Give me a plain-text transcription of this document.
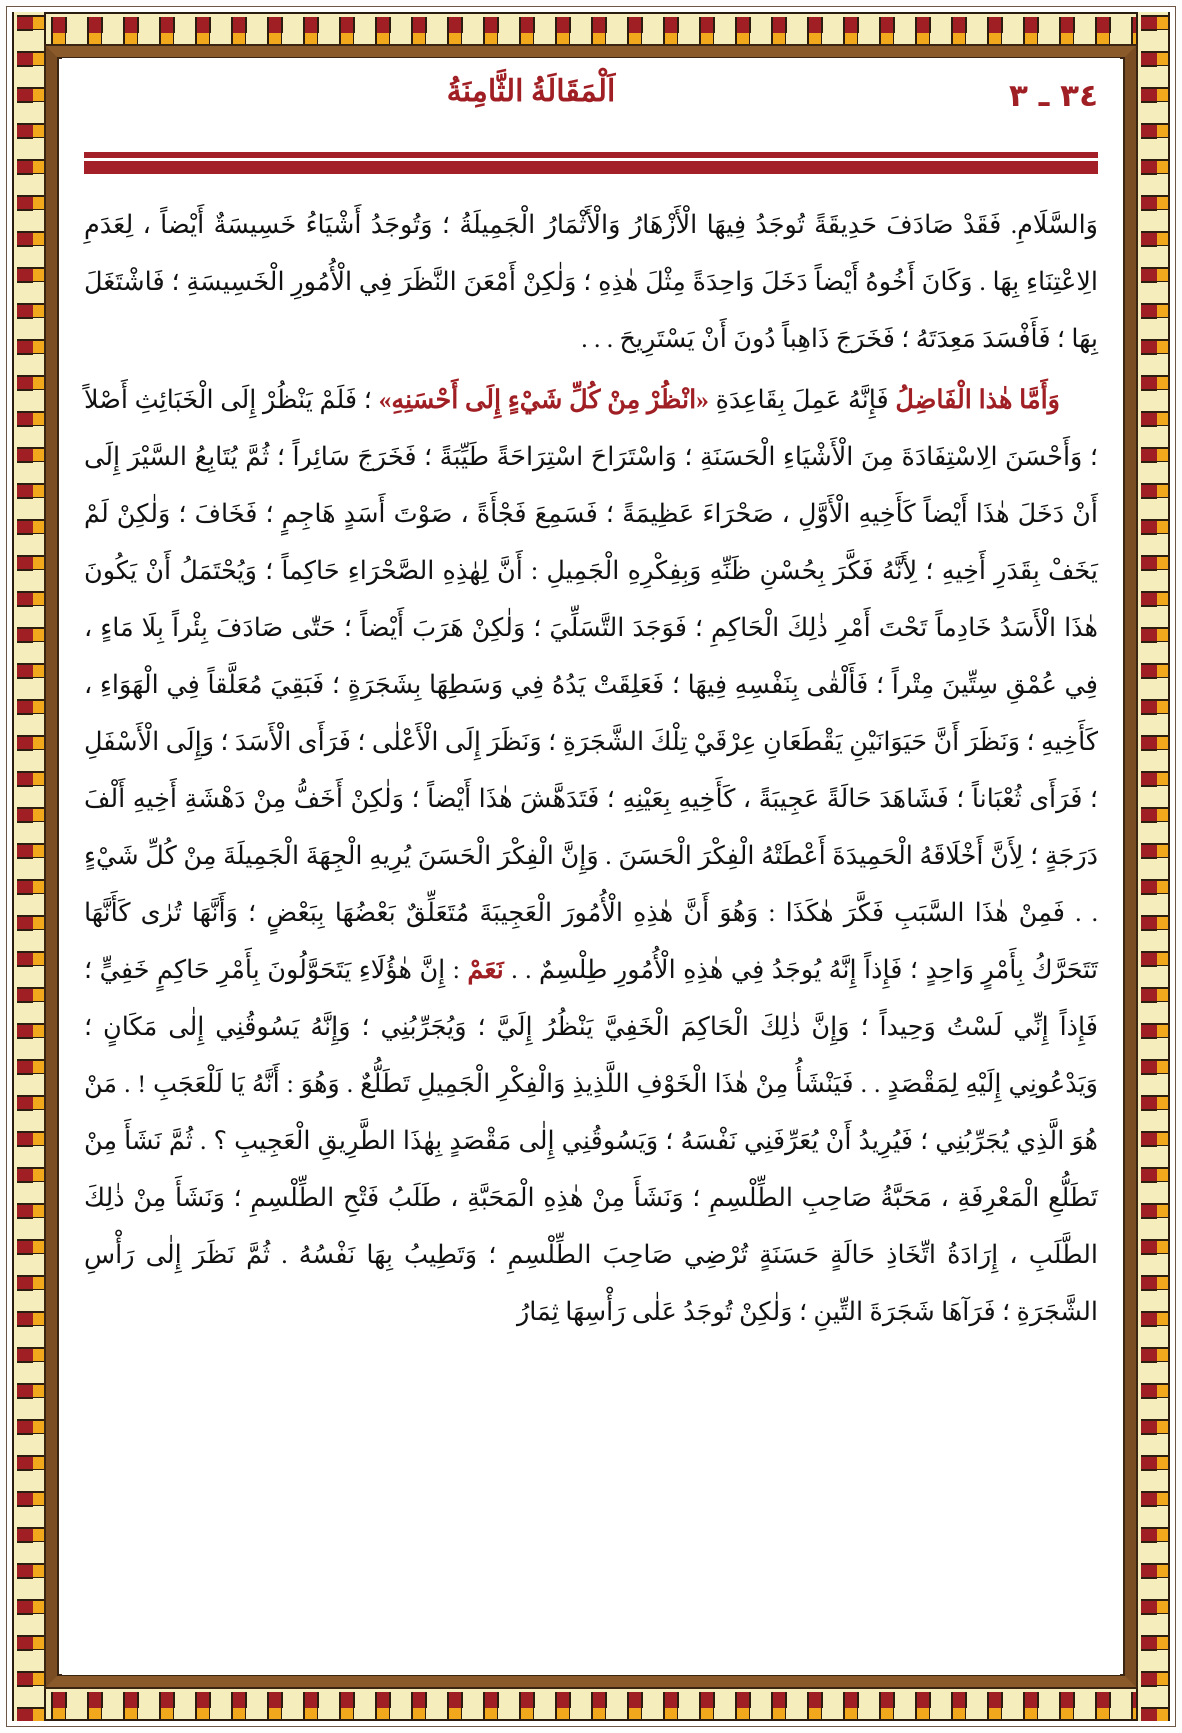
٣٤ ـ ٣
اَلْمَقَالَةُ الثَّامِنَةُ
وَالسَّلَامِ. فَقَدْ صَادَفَ حَدِيقَةً تُوجَدُ فِيهَا الْأَزْهَارُ وَالْأَثْمَارُ الْجَمِيلَةُ ؛ وَتُوجَدُ أَشْيَاءُ خَسِيسَةٌ أَيْضاً ، لِعَدَمِ الِاعْتِنَاءِ بِهَا . وَكَانَ أَخُوهُ أَيْضاً دَخَلَ وَاحِدَةً مِثْلَ هٰذِهِ ؛ وَلٰكِنْ أَمْعَنَ النَّظَرَ فِي الْأُمُورِ الْخَسِيسَةِ ؛ فَاشْتَغَلَ بِهَا ؛ فَأَفْسَدَ مَعِدَتَهُ ؛ فَخَرَجَ ذَاهِباً دُونَ أَنْ يَسْتَرِيحَ . . .
وَأَمَّا هٰذا الْفَاضِلُ فَإِنَّهُ عَمِلَ بِقَاعِدَةِ «انْظُرْ مِنْ كُلِّ شَيْءٍ إِلَى أَحْسَنِهِ» ؛ فَلَمْ يَنْظُرْ إِلَى الْخَبَائِثِ أَصْلاً ؛ وَأَحْسَنَ الِاسْتِفَادَةَ مِنَ الْأَشْيَاءِ الْحَسَنَةِ ؛ وَاسْتَرَاحَ اسْتِرَاحَةً طَيِّبَةً ؛ فَخَرَجَ سَائِراً ؛ ثُمَّ يُتَابِعُ السَّيْرَ إِلَى أَنْ دَخَلَ هٰذَا أَيْضاً كَأَخِيهِ الْأَوَّلِ ، صَحْرَاءَ عَظِيمَةً ؛ فَسَمِعَ فَجْأَةً ، صَوْتَ أَسَدٍ هَاجِمٍ ؛ فَخَافَ ؛ وَلٰكِنْ لَمْ يَخَفْ بِقَدَرِ أَخِيهِ ؛ لِأَنَّهُ فَكَّرَ بِحُسْنِ ظَنِّهِ وَبِفِكْرِهِ الْجَمِيلِ : أَنَّ لِهٰذِهِ الصَّحْرَاءِ حَاكِماً ؛ وَيُحْتَمَلُ أَنْ يَكُونَ هٰذَا الْأَسَدُ خَادِماً تَحْتَ أَمْرِ ذٰلِكَ الْحَاكِمِ ؛ فَوَجَدَ التَّسَلِّيَ ؛ وَلٰكِنْ هَرَبَ أَيْضاً ؛ حَتّٰى صَادَفَ بِئْراً بِلَا مَاءٍ ، فِي عُمْقِ سِتِّينَ مِتْراً ؛ فَأَلْقٰى بِنَفْسِهِ فِيهَا ؛ فَعَلِقَتْ يَدُهُ فِي وَسَطِهَا بِشَجَرَةٍ ؛ فَبَقِيَ مُعَلَّقاً فِي الْهَوَاءِ ، كَأَخِيهِ ؛ وَنَظَرَ أَنَّ حَيَوَانَيْنِ يَقْطَعَانِ عِرْقَيْ تِلْكَ الشَّجَرَةِ ؛ وَنَظَرَ إِلَى الْأَعْلٰى ؛ فَرَأَى الْأَسَدَ ؛ وَإِلَى الْأَسْفَلِ ؛ فَرَأَى ثُعْبَاناً ؛ فَشَاهَدَ حَالَةً عَجِيبَةً ، كَأَخِيهِ بِعَيْنِهِ ؛ فَتَدَهَّشَ هٰذَا أَيْضاً ؛ وَلٰكِنْ أَخَفُّ مِنْ دَهْشَةِ أَخِيهِ أَلْفَ دَرَجَةٍ ؛ لِأَنَّ أَخْلَاقَهُ الْحَمِيدَةَ أَعْطَتْهُ الْفِكْرَ الْحَسَنَ . وَإِنَّ الْفِكْرَ الْحَسَنَ يُرِيهِ الْجِهَةَ الْجَمِيلَةَ مِنْ كُلِّ شَيْءٍ . . فَمِنْ هٰذَا السَّبَبِ فَكَّرَ هٰكَذَا : وَهُوَ أَنَّ هٰذِهِ الْأُمُورَ الْعَجِيبَةَ مُتَعَلِّقٌ بَعْضُهَا بِبَعْضٍ ؛ وَأَنَّهَا تُرٰى كَأَنَّهَا تَتَحَرَّكُ بِأَمْرٍ وَاحِدٍ ؛ فَإِذاً إِنَّهُ يُوجَدُ فِي هٰذِهِ الْأُمُورِ طِلْسِمٌ . . نَعَمْ : إِنَّ هٰؤُلَاءِ يَتَحَوَّلُونَ بِأَمْرِ حَاكِمٍ خَفِيٍّ ؛ فَإِذاً إِنِّي لَسْتُ وَحِيداً ؛ وَإِنَّ ذٰلِكَ الْحَاكِمَ الْخَفِيَّ يَنْظُرُ إِلَيَّ ؛ وَيُجَرِّبُنِي ؛ وَإِنَّهُ يَسُوقُنِي إِلٰى مَكَانٍ ؛ وَيَدْعُونِي إِلَيْهِ لِمَقْصَدٍ . . فَيَنْشَأُ مِنْ هٰذَا الْخَوْفِ اللَّذِيذِ وَالْفِكْرِ الْجَمِيلِ تَطَلُّعٌ . وَهُوَ : أَنَّهُ يَا لَلْعَجَبِ ! . مَنْ هُوَ الَّذِي يُجَرِّبُنِي ؛ فَيُرِيدُ أَنْ يُعَرِّفَنِي نَفْسَهُ ؛ وَيَسُوقُنِي إِلٰى مَقْصَدٍ بِهٰذَا الطَّرِيقِ الْعَجِيبِ ؟ . ثُمَّ نَشَأَ مِنْ تَطَلُّعِ الْمَعْرِفَةِ ، مَحَبَّةُ صَاحِبِ الطِّلْسِمِ ؛ وَنَشَأَ مِنْ هٰذِهِ الْمَحَبَّةِ ، طَلَبُ فَتْحِ الطِّلْسِمِ ؛ وَنَشَأَ مِنْ ذٰلِكَ الطَّلَبِ ، إِرَادَةُ اتِّخَاذِ حَالَةٍ حَسَنَةٍ تُرْضِي صَاحِبَ الطِّلْسِمِ ؛ وَتَطِيبُ بِهَا نَفْسُهُ . ثُمَّ نَظَرَ إِلٰى رَأْسِ الشَّجَرَةِ ؛ فَرَآهَا شَجَرَةَ التِّينِ ؛ وَلٰكِنْ تُوجَدُ عَلٰى رَأْسِهَا ثِمَارُ
